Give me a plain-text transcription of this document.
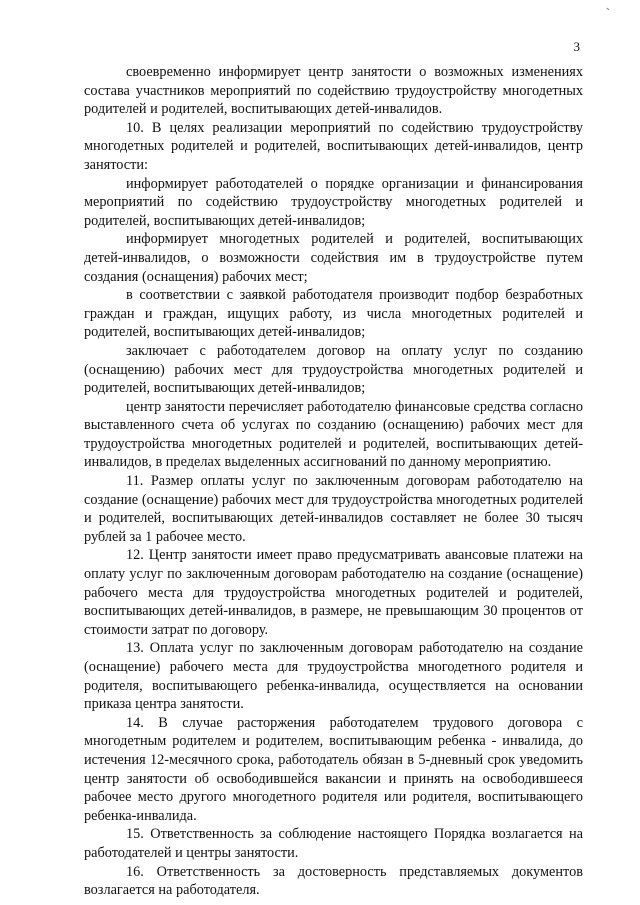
3

своевременно информирует центр занятости о возможных изменениях состава участников мероприятий по содействию трудоустройству многодетных родителей и родителей, воспитывающих детей-инвалидов.

10. В целях реализации мероприятий по содействию трудоустройству многодетных родителей и родителей, воспитывающих детей-инвалидов, центр занятости:

информирует работодателей о порядке организации и финансирования мероприятий по содействию трудоустройству многодетных родителей и родителей, воспитывающих детей-инвалидов;

информирует многодетных родителей и родителей, воспитывающих детей-инвалидов, о возможности содействия им в трудоустройстве путем создания (оснащения) рабочих мест;

в соответствии с заявкой работодателя производит подбор безработных граждан и граждан, ищущих работу, из числа многодетных родителей и родителей, воспитывающих детей-инвалидов;

заключает с работодателем договор на оплату услуг по созданию (оснащению) рабочих мест для трудоустройства многодетных родителей и родителей, воспитывающих детей-инвалидов;

центр занятости перечисляет работодателю финансовые средства согласно выставленного счета об услугах по созданию (оснащению) рабочих мест для трудоустройства многодетных родителей и родителей, воспитывающих детей-инвалидов, в пределах выделенных ассигнований по данному мероприятию.

11. Размер оплаты услуг по заключенным договорам работодателю на создание (оснащение) рабочих мест для трудоустройства многодетных родителей и родителей, воспитывающих детей-инвалидов составляет не более 30 тысяч рублей за 1 рабочее место.

12. Центр занятости имеет право предусматривать авансовые платежи на оплату услуг по заключенным договорам работодателю на создание (оснащение) рабочего места для трудоустройства многодетных родителей и родителей, воспитывающих детей-инвалидов, в размере, не превышающим 30 процентов от стоимости затрат по договору.

13. Оплата услуг по заключенным договорам работодателю на создание (оснащение) рабочего места для трудоустройства многодетного родителя и родителя, воспитывающего ребенка-инвалида, осуществляется на основании приказа центра занятости.

14. В случае расторжения работодателем трудового договора с многодетным родителем и родителем, воспитывающим ребенка - инвалида, до истечения 12-месячного срока, работодатель обязан в 5-дневный срок уведомить центр занятости об освободившейся вакансии и принять на освободившееся рабочее место другого многодетного родителя или родителя, воспитывающего ребенка-инвалида.

15. Ответственность за соблюдение настоящего Порядка возлагается на работодателей и центры занятости.

16. Ответственность за достоверность представляемых документов возлагается на работодателя.
